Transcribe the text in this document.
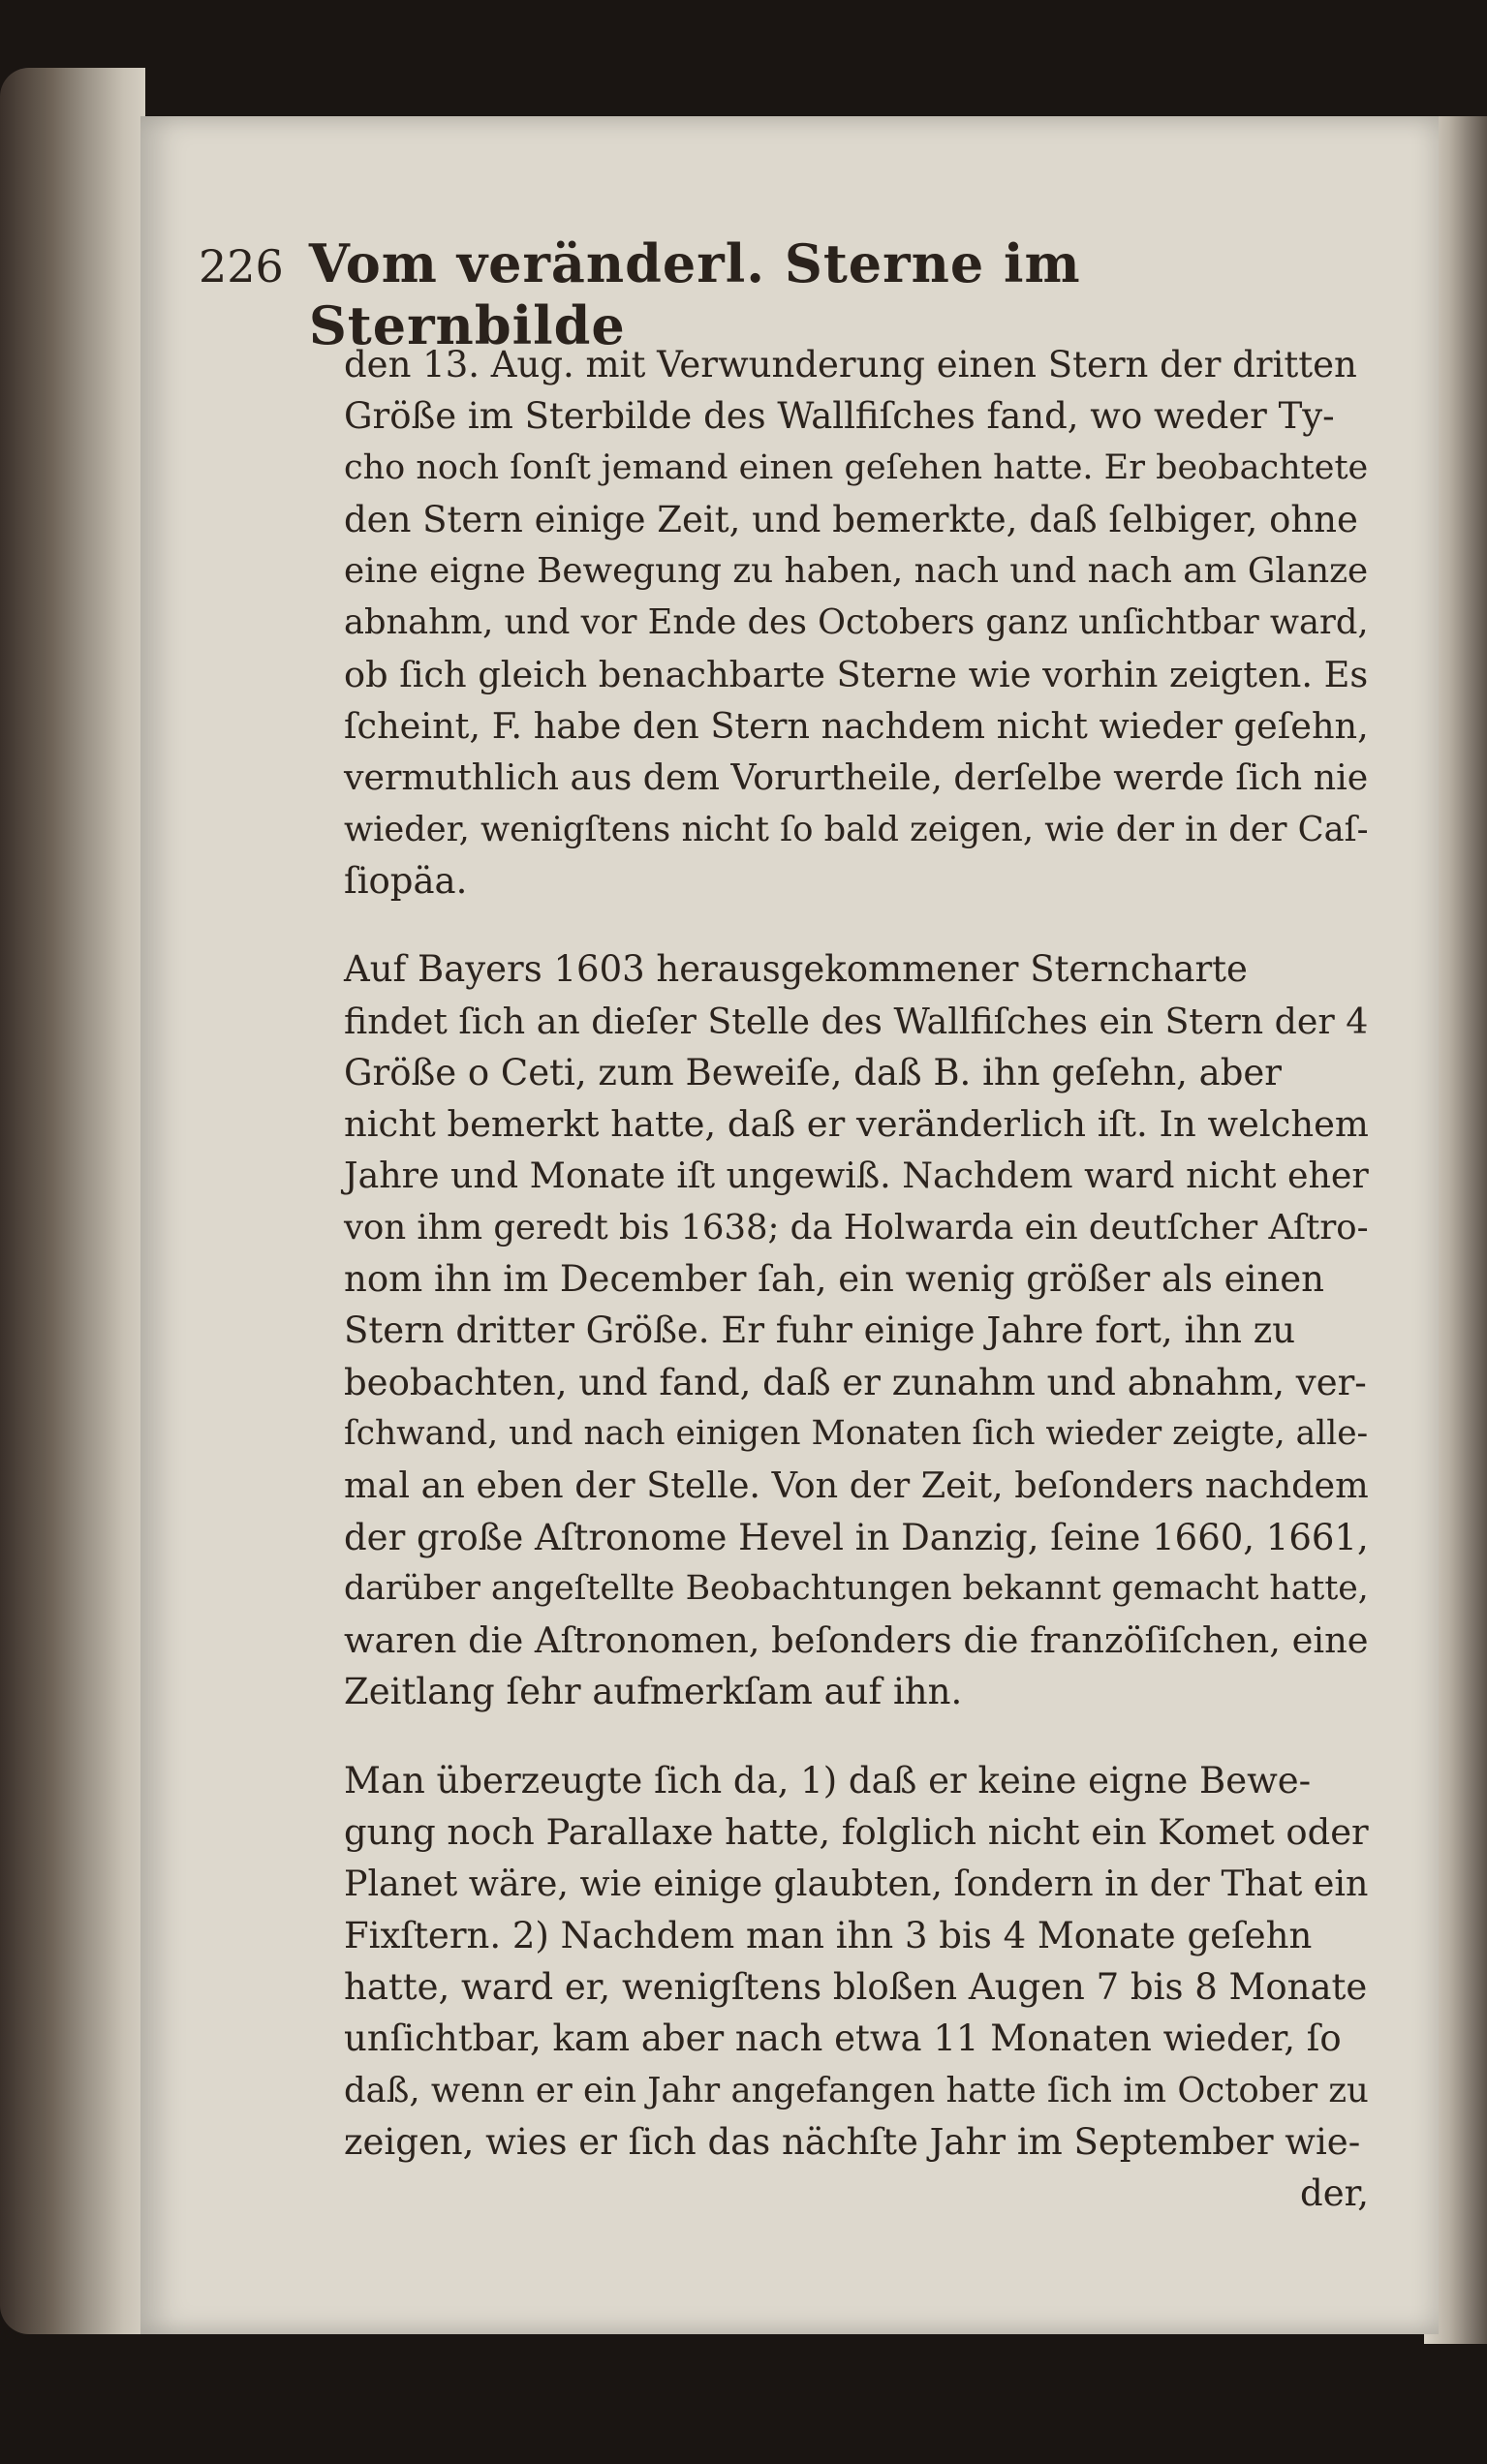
226 Vom veränderl. Sterne im Sternbilde
den 13. Aug. mit Verwunderung einen Stern der dritten
Größe im Sterbilde des Wallfiſches fand, wo weder Ty-
cho noch ſonſt jemand einen geſehen hatte. Er beobachtete
den Stern einige Zeit, und bemerkte, daß ſelbiger, ohne
eine eigne Bewegung zu haben, nach und nach am Glanze
abnahm, und vor Ende des Octobers ganz unſichtbar ward,
ob ſich gleich benachbarte Sterne wie vorhin zeigten. Es
ſcheint, F. habe den Stern nachdem nicht wieder geſehn,
vermuthlich aus dem Vorurtheile, derſelbe werde ſich nie
wieder, wenigſtens nicht ſo bald zeigen, wie der in der Caſ-
ſiopäa.
Auf Bayers 1603 herausgekommener Sterncharte
findet ſich an dieſer Stelle des Wallfiſches ein Stern der 4
Größe o Ceti, zum Beweiſe, daß B. ihn geſehn, aber
nicht bemerkt hatte, daß er veränderlich iſt. In welchem
Jahre und Monate iſt ungewiß. Nachdem ward nicht eher
von ihm geredt bis 1638; da Holwarda ein deutſcher Aſtro-
nom ihn im December ſah, ein wenig größer als einen
Stern dritter Größe. Er fuhr einige Jahre fort, ihn zu
beobachten, und fand, daß er zunahm und abnahm, ver-
ſchwand, und nach einigen Monaten ſich wieder zeigte, alle-
mal an eben der Stelle. Von der Zeit, beſonders nachdem
der große Aſtronome Hevel in Danzig, ſeine 1660, 1661,
darüber angeſtellte Beobachtungen bekannt gemacht hatte,
waren die Aſtronomen, beſonders die franzöſiſchen, eine
Zeitlang ſehr aufmerkſam auf ihn.
Man überzeugte ſich da, 1) daß er keine eigne Bewe-
gung noch Parallaxe hatte, folglich nicht ein Komet oder
Planet wäre, wie einige glaubten, ſondern in der That ein
Fixſtern. 2) Nachdem man ihn 3 bis 4 Monate geſehn
hatte, ward er, wenigſtens bloßen Augen 7 bis 8 Monate
unſichtbar, kam aber nach etwa 11 Monaten wieder, ſo
daß, wenn er ein Jahr angefangen hatte ſich im October zu
zeigen, wies er ſich das nächſte Jahr im September wie-
der,
